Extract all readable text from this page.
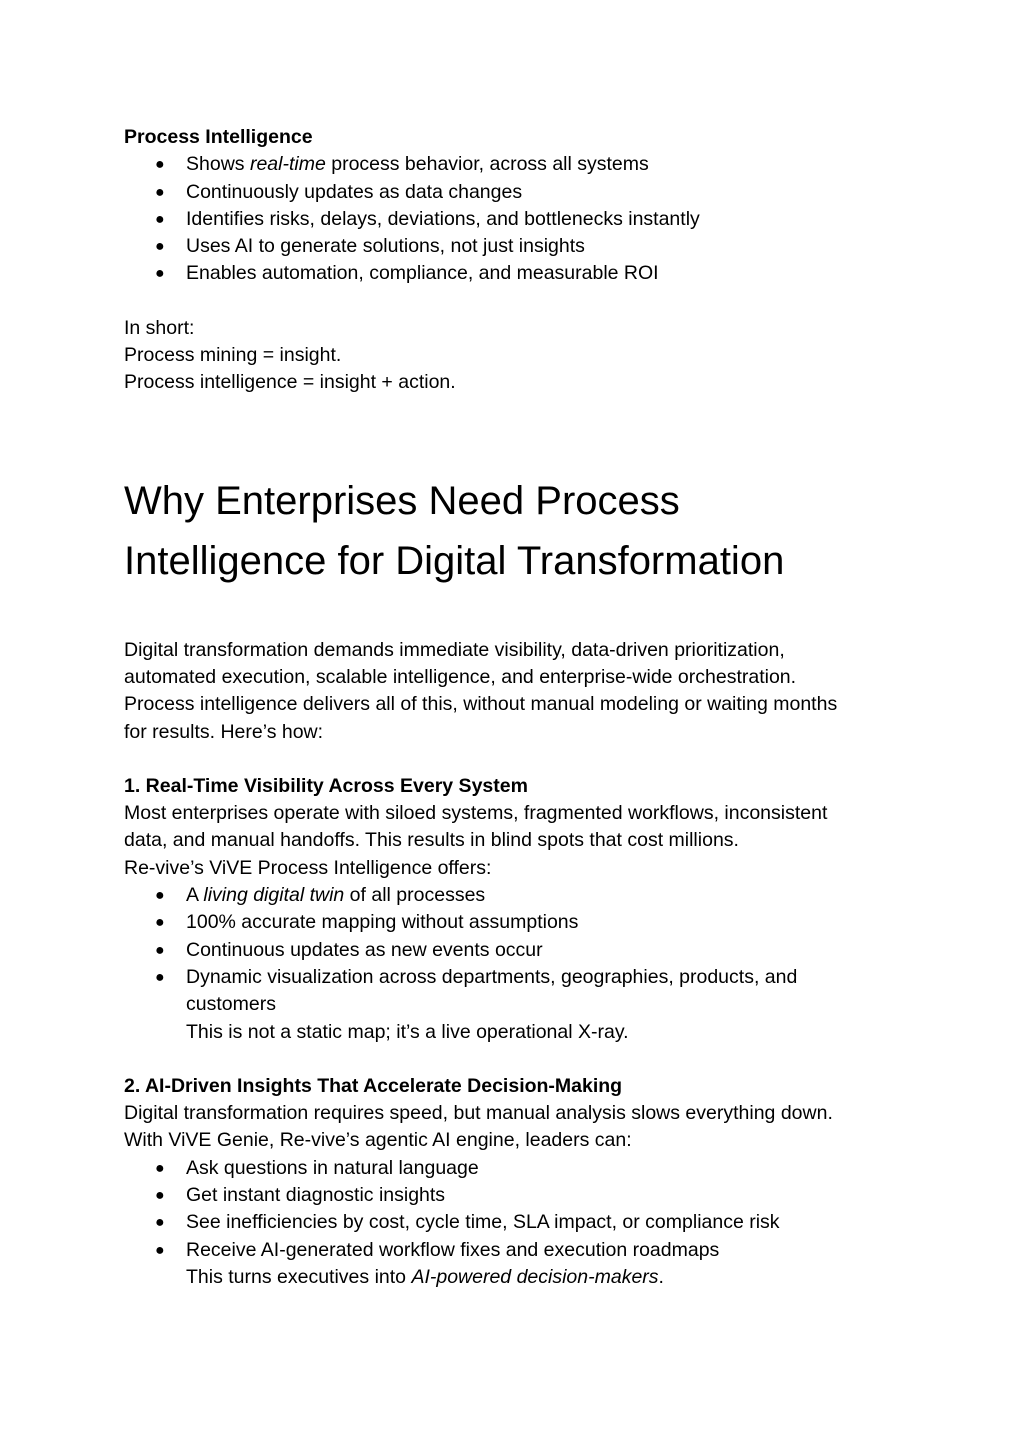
Process Intelligence

● Shows real-time process behavior, across all systems
● Continuously updates as data changes
● Identifies risks, delays, deviations, and bottlenecks instantly
● Uses AI to generate solutions, not just insights
● Enables automation, compliance, and measurable ROI

In short:

Process mining = insight.

Process intelligence = insight + action.

Why Enterprises Need Process
Intelligence for Digital Transformation

Digital transformation demands immediate visibility, data-driven prioritization,

automated execution, scalable intelligence, and enterprise-wide orchestration.

Process intelligence delivers all of this, without manual modeling or waiting months

for results. Here’s how:

1. Real-Time Visibility Across Every System

Most enterprises operate with siloed systems, fragmented workflows, inconsistent

data, and manual handoffs. This results in blind spots that cost millions.

Re-vive’s ViVE Process Intelligence offers:

● A living digital twin of all processes
● 100% accurate mapping without assumptions
● Continuous updates as new events occur
● Dynamic visualization across departments, geographies, products, and
customers

This is not a static map; it’s a live operational X-ray.

2. AI-Driven Insights That Accelerate Decision-Making

Digital transformation requires speed, but manual analysis slows everything down.

With ViVE Genie, Re-vive’s agentic AI engine, leaders can:

● Ask questions in natural language
● Get instant diagnostic insights
● See inefficiencies by cost, cycle time, SLA impact, or compliance risk
● Receive AI-generated workflow fixes and execution roadmaps

This turns executives into AI-powered decision-makers.
